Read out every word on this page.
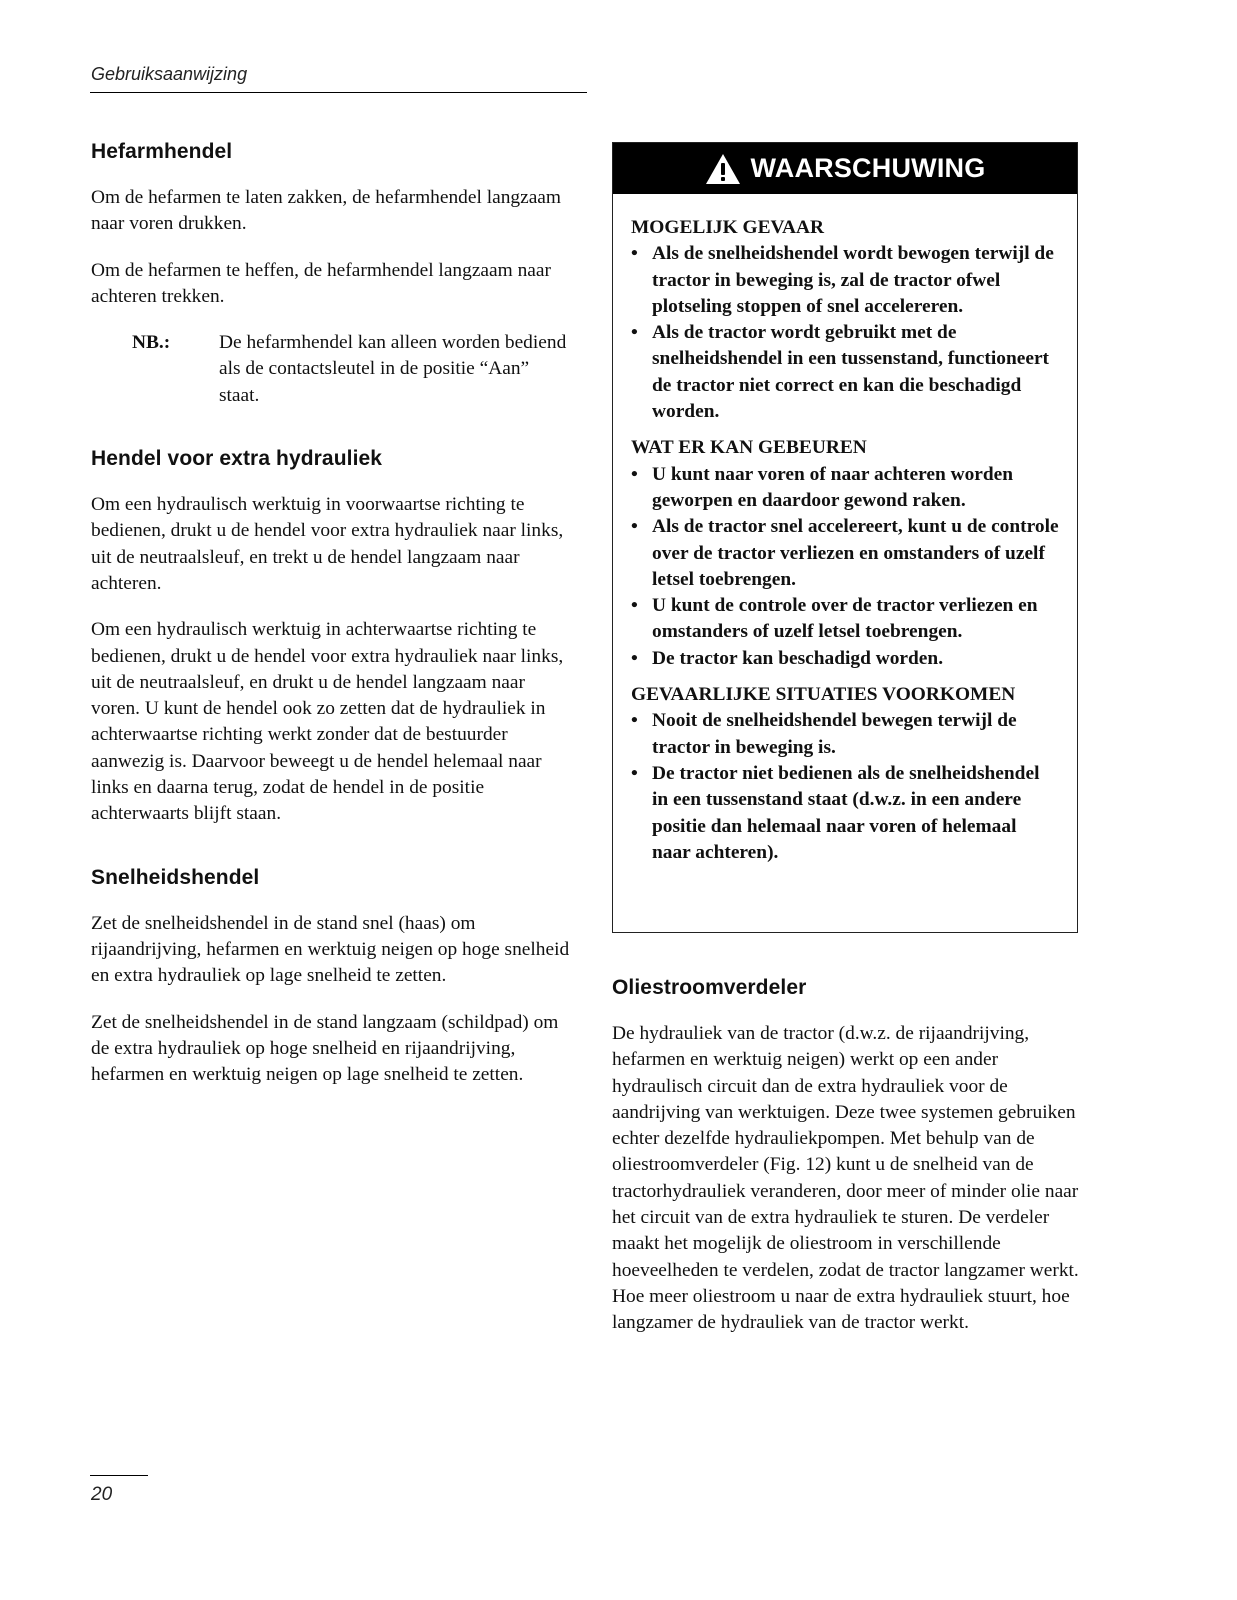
Gebruiksaanwijzing
Hefarmhendel

Om de hefarmen te laten zakken, de hefarmhendel langzaam naar voren drukken.

Om de hefarmen te heffen, de hefarmhendel langzaam naar achteren trekken.

NB.:	De hefarmhendel kan alleen worden bediend als de contactsleutel in de positie “Aan” staat.
Hendel voor extra hydrauliek

Om een hydraulisch werktuig in voorwaartse richting te bedienen, drukt u de hendel voor extra hydrauliek naar links, uit de neutraalsleuf, en trekt u de hendel langzaam naar achteren.

Om een hydraulisch werktuig in achterwaartse richting te bedienen, drukt u de hendel voor extra hydrauliek naar links, uit de neutraalsleuf, en drukt u de hendel langzaam naar voren. U kunt de hendel ook zo zetten dat de hydrauliek in achterwaartse richting werkt zonder dat de bestuurder aanwezig is. Daarvoor beweegt u de hendel helemaal naar links en daarna terug, zodat de hendel in de positie achterwaarts blijft staan.

Snelheidshendel

Zet de snelheidshendel in de stand snel (haas) om rijaandrijving, hefarmen en werktuig neigen op hoge snelheid en extra hydrauliek op lage snelheid te zetten.

Zet de snelheidshendel in de stand langzaam (schildpad) om de extra hydrauliek op hoge snelheid en rijaandrijving, hefarmen en werktuig neigen op lage snelheid te zetten.

WAARSCHUWING
MOGELIJK GEVAAR
• Als de snelheidshendel wordt bewogen terwijl de tractor in beweging is, zal de tractor ofwel plotseling stoppen of snel accelereren.
• Als de tractor wordt gebruikt met de snelheidshendel in een tussenstand, functioneert de tractor niet correct en kan die beschadigd worden.
WAT ER KAN GEBEUREN
• U kunt naar voren of naar achteren worden geworpen en daardoor gewond raken.
• Als de tractor snel accelereert, kunt u de controle over de tractor verliezen en omstanders of uzelf letsel toebrengen.
• U kunt de controle over de tractor verliezen en omstanders of uzelf letsel toebrengen.
• De tractor kan beschadigd worden.
GEVAARLIJKE SITUATIES VOORKOMEN
• Nooit de snelheidshendel bewegen terwijl de tractor in beweging is.
• De tractor niet bedienen als de snelheidshendel in een tussenstand staat (d.w.z. in een andere positie dan helemaal naar voren of helemaal naar achteren).
Oliestroomverdeler

De hydrauliek van de tractor (d.w.z. de rijaandrijving, hefarmen en werktuig neigen) werkt op een ander hydraulisch circuit dan de extra hydrauliek voor de aandrijving van werktuigen. Deze twee systemen gebruiken echter dezelfde hydrauliekpompen. Met behulp van de oliestroomverdeler (Fig. 12) kunt u de snelheid van de tractorhydrauliek veranderen, door meer of minder olie naar het circuit van de extra hydrauliek te sturen. De verdeler maakt het mogelijk de oliestroom in verschillende hoeveelheden te verdelen, zodat de tractor langzamer werkt. Hoe meer oliestroom u naar de extra hydrauliek stuurt, hoe langzamer de hydrauliek van de tractor werkt.

20
